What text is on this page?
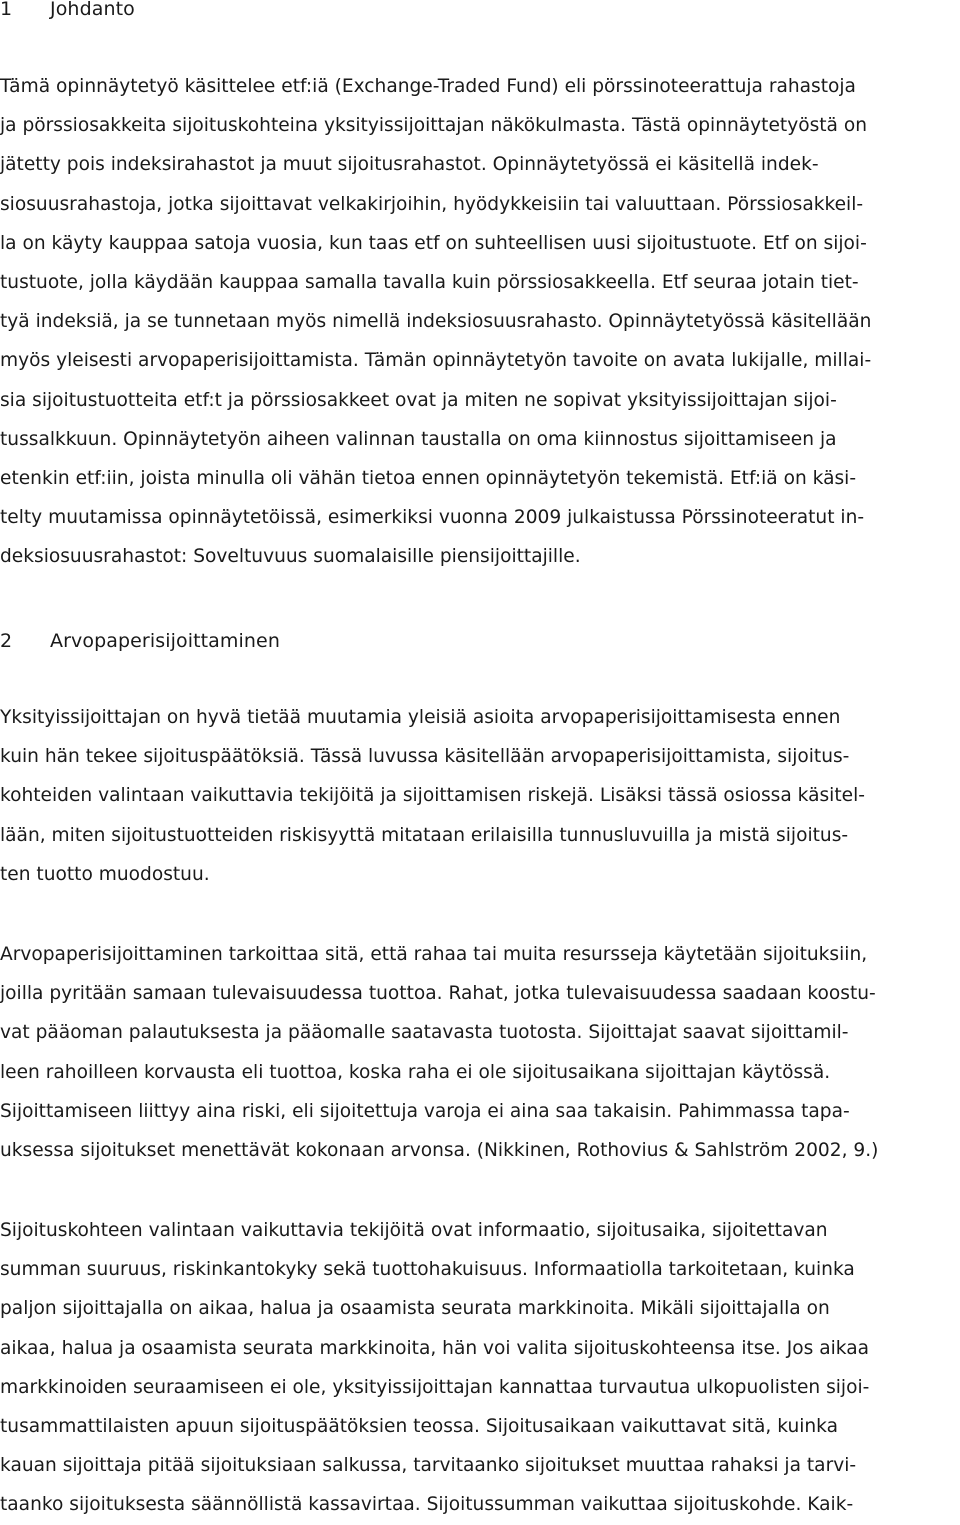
1 Johdanto
Tämä opinnäytetyö käsittelee etf:iä (Exchange-Traded Fund) eli pörssinoteerattuja rahastoja
ja pörssiosakkeita sijoituskohteina yksityissijoittajan näkökulmasta. Tästä opinnäytetyöstä on
jätetty pois indeksirahastot ja muut sijoitusrahastot. Opinnäytetyössä ei käsitellä indek-
siosuusrahastoja, jotka sijoittavat velkakirjoihin, hyödykkeisiin tai valuuttaan. Pörssiosakkeil-
la on käyty kauppaa satoja vuosia, kun taas etf on suhteellisen uusi sijoitustuote. Etf on sijoi-
tustuote, jolla käydään kauppaa samalla tavalla kuin pörssiosakkeella. Etf seuraa jotain tiet-
tyä indeksiä, ja se tunnetaan myös nimellä indeksiosuusrahasto. Opinnäytetyössä käsitellään
myös yleisesti arvopaperisijoittamista. Tämän opinnäytetyön tavoite on avata lukijalle, millai-
sia sijoitustuotteita etf:t ja pörssiosakkeet ovat ja miten ne sopivat yksityissijoittajan sijoi-
tussalkkuun. Opinnäytetyön aiheen valinnan taustalla on oma kiinnostus sijoittamiseen ja
etenkin etf:iin, joista minulla oli vähän tietoa ennen opinnäytetyön tekemistä. Etf:iä on käsi-
telty muutamissa opinnäytetöissä, esimerkiksi vuonna 2009 julkaistussa Pörssinoteeratut in-
deksiosuusrahastot: Soveltuvuus suomalaisille piensijoittajille.
2 Arvopaperisijoittaminen
Yksityissijoittajan on hyvä tietää muutamia yleisiä asioita arvopaperisijoittamisesta ennen
kuin hän tekee sijoituspäätöksiä. Tässä luvussa käsitellään arvopaperisijoittamista, sijoitus-
kohteiden valintaan vaikuttavia tekijöitä ja sijoittamisen riskejä. Lisäksi tässä osiossa käsitel-
lään, miten sijoitustuotteiden riskisyyttä mitataan erilaisilla tunnusluvuilla ja mistä sijoitus-
ten tuotto muodostuu.
Arvopaperisijoittaminen tarkoittaa sitä, että rahaa tai muita resursseja käytetään sijoituksiin,
joilla pyritään samaan tulevaisuudessa tuottoa. Rahat, jotka tulevaisuudessa saadaan koostu-
vat pääoman palautuksesta ja pääomalle saatavasta tuotosta. Sijoittajat saavat sijoittamil-
leen rahoilleen korvausta eli tuottoa, koska raha ei ole sijoitusaikana sijoittajan käytössä.
Sijoittamiseen liittyy aina riski, eli sijoitettuja varoja ei aina saa takaisin. Pahimmassa tapa-
uksessa sijoitukset menettävät kokonaan arvonsa. (Nikkinen, Rothovius & Sahlström 2002, 9.)
Sijoituskohteen valintaan vaikuttavia tekijöitä ovat informaatio, sijoitusaika, sijoitettavan
summan suuruus, riskinkantokyky sekä tuottohakuisuus. Informaatiolla tarkoitetaan, kuinka
paljon sijoittajalla on aikaa, halua ja osaamista seurata markkinoita. Mikäli sijoittajalla on
aikaa, halua ja osaamista seurata markkinoita, hän voi valita sijoituskohteensa itse. Jos aikaa
markkinoiden seuraamiseen ei ole, yksityissijoittajan kannattaa turvautua ulkopuolisten sijoi-
tusammattilaisten apuun sijoituspäätöksien teossa. Sijoitusaikaan vaikuttavat sitä, kuinka
kauan sijoittaja pitää sijoituksiaan salkussa, tarvitaanko sijoitukset muuttaa rahaksi ja tarvi-
taanko sijoituksesta säännöllistä kassavirtaa. Sijoitussumman vaikuttaa sijoituskohde. Kaik-
